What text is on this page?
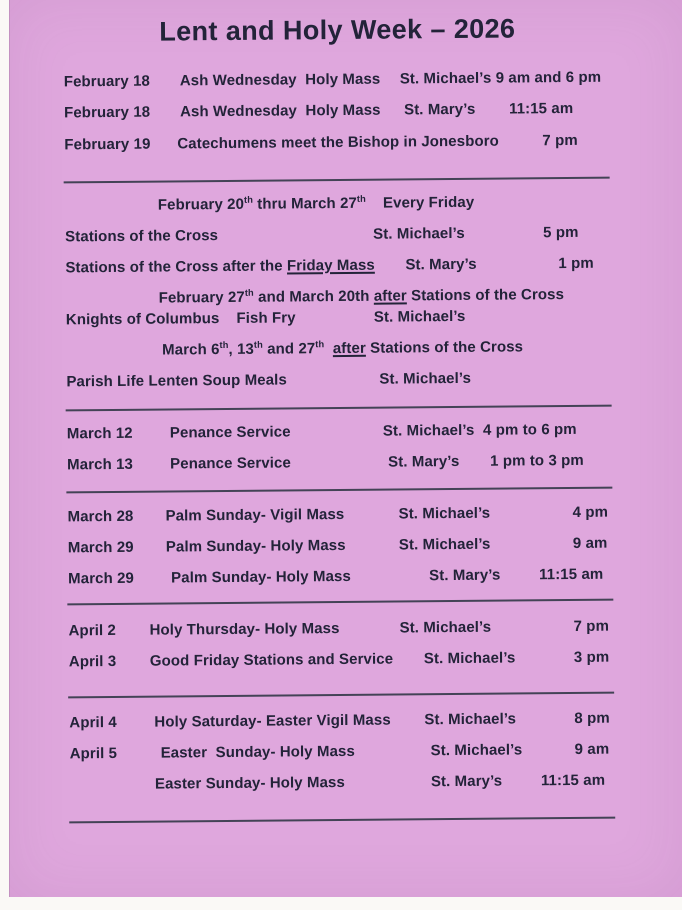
Lent and Holy Week – 2026
February 18 Ash Wednesday  Holy Mass St. Michael’s 9 am and 6 pm
February 18 Ash Wednesday  Holy Mass St. Mary’s 11:15 am
February 19 Catechumens meet the Bishop in Jonesboro	7 pm
February 20th thru March 27th    Every Friday
Stations of the Cross	St. Michael’s	5 pm
Stations of the Cross after the Friday Mass St. Mary’s	1 pm
February 27th and March 20th after Stations of the Cross
Knights of Columbus    Fish Fry	St. Michael’s
March 6th, 13th and 27th after Stations of the Cross
Parish Life Lenten Soup Meals	St. Michael’s
March 12 Penance Service	St. Michael’s  4 pm to 6 pm
March 13 Penance Service	St. Mary’s 1 pm to 3 pm
March 28 Palm Sunday- Vigil Mass	St. Michael’s	4 pm
March 29 Palm Sunday- Holy Mass	St. Michael’s	9 am
March 29 Palm Sunday- Holy Mass	St. Mary’s	11:15 am
April 2 Holy Thursday- Holy Mass	St. Michael’s	7 pm
April 3 Good Friday Stations and Service St. Michael’s	3 pm
April 4 Holy Saturday- Easter Vigil Mass St. Michael’s	8 pm
April 5	Easter  Sunday- Holy Mass	St. Michael’s	9 am
Easter Sunday- Holy Mass	St. Mary’s	11:15 am
